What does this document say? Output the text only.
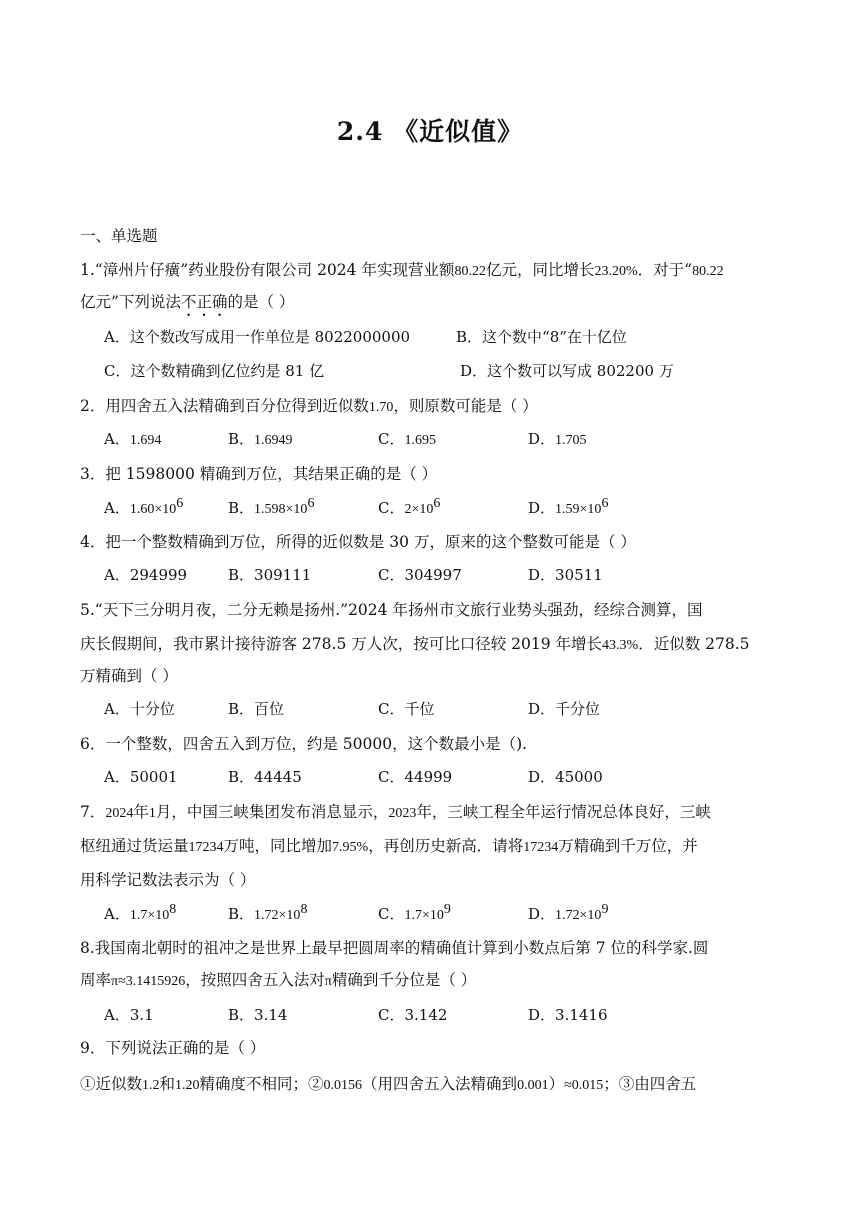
2.4 《近似值》
一、单选题
1.“漳州片仔癀”药业股份有限公司 2024 年实现营业额80.22亿元，同比增长23.20%．对于“80.22
亿元”下列说法不正确的是（ ）
A．这个数改写成用一作单位是 8022000000	B．这个数中“8”在十亿位
C．这个数精确到亿位约是 81 亿	D．这个数可以写成 802200 万
2．用四舍五入法精确到百分位得到近似数1.70，则原数可能是（ ）
A．1.694	B．1.6949	C．1.695	D．1.705
3．把 1598000 精确到万位，其结果正确的是（ ）
A．$1.60\times 10^6$	B．$1.598\times 10^6$	C．$2\times 10^6$	D．$1.59\times 10^6$
4．把一个整数精确到万位，所得的近似数是 30 万，原来的这个整数可能是（ ）
A．294999	B．309111	C．304997	D．30511
5.“天下三分明月夜，二分无赖是扬州.”2024 年扬州市文旅行业势头强劲，经综合测算，国
庆长假期间，我市累计接待游客 278.5 万人次，按可比口径较 2019 年增长43.3%．近似数 278.5
万精确到（ ）
A．十分位	B．百位	C．千位	D．千分位
6．一个整数，四舍五入到万位，约是 50000，这个数最小是（).
A．50001	B．44445	C．44999	D．45000
7．2024年1月，中国三峡集团发布消息显示，2023年，三峡工程全年运行情况总体良好，三峡
枢纽通过货运量17234万吨，同比增加7.95%，再创历史新高．请将17234万精确到千万位，并
用科学记数法表示为（ ）
A．$1.7\times 10^8$	B．$1.72\times 10^8$	C．$1.7\times 10^9$	D．$1.72\times 10^9$
8.我国南北朝时的祖冲之是世界上最早把圆周率的精确值计算到小数点后第 7 位的科学家.圆
周率π≈3.1415926，按照四舍五入法对π精确到千分位是（ ）
A．3.1	B．3.14	C．3.142	D．3.1416
9．下列说法正确的是（ ）
①近似数1.2和1.20精确度不相同；②0.0156（用四舍五入法精确到0.001）≈0.015；③由四舍五
